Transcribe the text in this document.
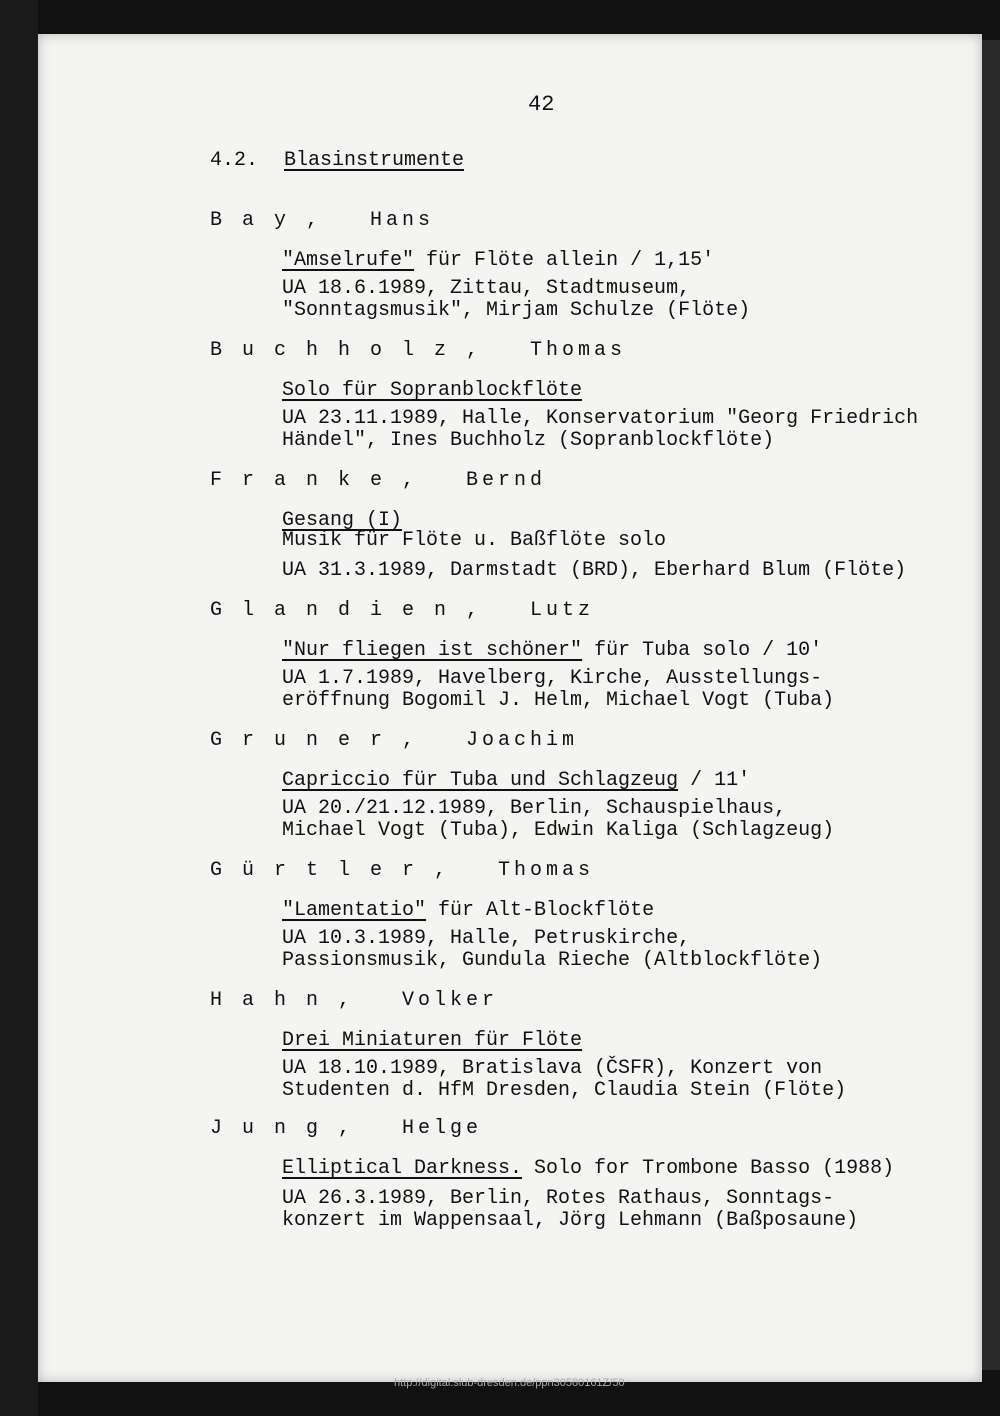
42
4.2. Blasinstrumente
B a y ,   Hans
"Amselrufe" für Flöte allein / 1,15'
UA 18.6.1989, Zittau, Stadtmuseum,
"Sonntagsmusik", Mirjam Schulze (Flöte)
B u c h h o l z ,   Thomas
Solo für Sopranblockflöte
UA 23.11.1989, Halle, Konservatorium "Georg Friedrich
Händel", Ines Buchholz (Sopranblockflöte)
F r a n k e ,   Bernd
Gesang (I)
Musik für Flöte u. Baßflöte solo
UA 31.3.1989, Darmstadt (BRD), Eberhard Blum (Flöte)
G l a n d i e n ,   Lutz
"Nur fliegen ist schöner" für Tuba solo / 10'
UA 1.7.1989, Havelberg, Kirche, Ausstellungs-
eröffnung Bogomil J. Helm, Michael Vogt (Tuba)
G r u n e r ,   Joachim
Capriccio für Tuba und Schlagzeug / 11'
UA 20./21.12.1989, Berlin, Schauspielhaus,
Michael Vogt (Tuba), Edwin Kaliga (Schlagzeug)
G ü r t l e r ,   Thomas
"Lamentatio" für Alt-Blockflöte
UA 10.3.1989, Halle, Petruskirche,
Passionsmusik, Gundula Rieche (Altblockflöte)
H a h n ,   Volker
Drei Miniaturen für Flöte
UA 18.10.1989, Bratislava (ČSFR), Konzert von
Studenten d. HfM Dresden, Claudia Stein (Flöte)
J u n g ,   Helge
Elliptical Darkness. Solo for Trombone Basso (1988)
UA 26.3.1989, Berlin, Rotes Rathaus, Sonntags-
konzert im Wappensaal, Jörg Lehmann (Baßposaune)
http://digital.slub-dresden.de/ppn30580161Z/50
